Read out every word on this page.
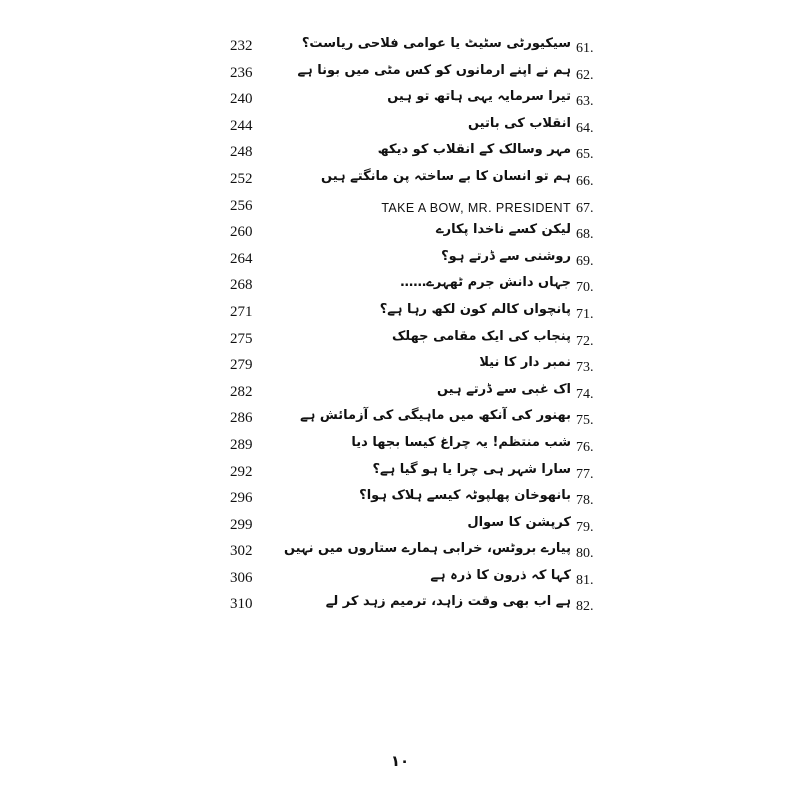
232	سیکیورٹی سٹیٹ یا عوامی فلاحی ریاست؟ 61.
236	ہم نے اپنے ارمانوں کو کس مٹی میں بونا ہے 62.
240	تیرا سرمایہ یہی ہاتھ تو ہیں 63.
244	انقلاب کی باتیں 64.
248	مہر وسالک کے انقلاب کو دیکھ 65.
252	ہم تو انسان کا بے ساختہ پن مانگتے ہیں 66.
256	TAKE A BOW, MR. PRESIDENT 67.
260	لیکن کسے ناخدا پکارے 68.
264	روشنی سے ڈرتے ہو؟ 69.
268	جہاں دانش جرم ٹھہرے…… 70.
271	پانچواں کالم کون لکھ رہا ہے؟ 71.
275	پنجاب کی ایک مقامی جھلک 72.
279	نمبر دار کا نیلا 73.
282	اک غبی سے ڈرتے ہیں 74.
286	بھنور کی آنکھ میں ماہیگی کی آزمائش ہے 75.
289	شب منتظم! یہ چراغ کیسا بجھا دیا 76.
292	سارا شہر ہی چرا یا ہو گیا ہے؟ 77.
296	بانھوخان پھلپوٹہ کیسے ہلاک ہوا؟ 78.
299	کرپشن کا سوال 79.
302 پیارے بروٹس، خرابی ہمارے ستاروں میں نہیں 80.
306	کہا کہ ذرون کا ذرہ ہے 81.
310	ہے اب بھی وقت زاہد، ترمیم زہد کر لے 82.
۱۰
